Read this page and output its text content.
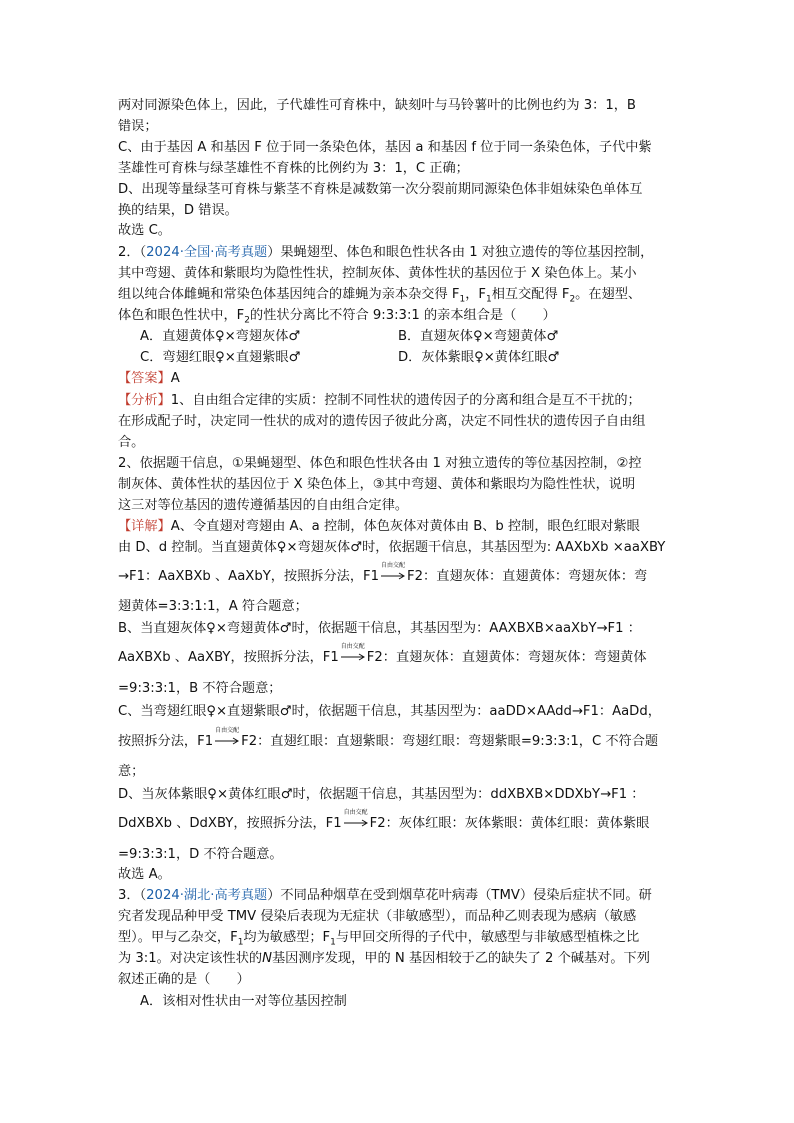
两对同源染色体上，因此，子代雄性可育株中，缺刻叶与马铃薯叶的比例也约为 3：1，B
错误；
C、由于基因 A 和基因 F 位于同一条染色体，基因 a 和基因 f 位于同一条染色体，子代中紫
茎雄性可育株与绿茎雄性不育株的比例约为 3：1，C 正确；
D、出现等量绿茎可育株与紫茎不育株是减数第一次分裂前期同源染色体非姐妹染色单体互
换的结果，D 错误。
故选 C。
2．（2024·全国·高考真题）果蝇翅型、体色和眼色性状各由 1 对独立遗传的等位基因控制，
其中弯翅、黄体和紫眼均为隐性性状，控制灰体、黄体性状的基因位于 X 染色体上。某小
组以纯合体雌蝇和常染色体基因纯合的雄蝇为亲本杂交得 $F_1$，$F_1$相互交配得 $F_2$。在翅型、
体色和眼色性状中，$F_2$的性状分离比不符合 9:3:3:1 的亲本组合是（　　）
A．直翅黄体♀×弯翅灰体♂	B．直翅灰体♀×弯翅黄体♂
C．弯翅红眼♀×直翅紫眼♂	D．灰体紫眼♀×黄体红眼♂
【答案】A
【分析】1、自由组合定律的实质：控制不同性状的遗传因子的分离和组合是互不干扰的；
在形成配子时，决定同一性状的成对的遗传因子彼此分离，决定不同性状的遗传因子自由组
合。
2、依据题干信息，①果蝇翅型、体色和眼色性状各由 1 对独立遗传的等位基因控制，②控
制灰体、黄体性状的基因位于 X 染色体上，③其中弯翅、黄体和紫眼均为隐性性状，说明
这三对等位基因的遗传遵循基因的自由组合定律。
【详解】A、令直翅对弯翅由 A、a 控制，体色灰体对黄体由 B、b 控制，眼色红眼对紫眼
由 D、d 控制。当直翅黄体♀×弯翅灰体♂时，依据题干信息，其基因型为: AAXbXb ×aaXBY
→F1：AaXBXb 、AaXbY，按照拆分法，F1
自由交配
F2：直翅灰体：直翅黄体：弯翅灰体：弯
翅黄体=3:3:1:1，A 符合题意；
B、当直翅灰体♀×弯翅黄体♂时，依据题干信息，其基因型为：AAXBXB×aaXbY→F1 ：
AaXBXb 、AaXBY，按照拆分法，F1
自由交配
F2：直翅灰体：直翅黄体：弯翅灰体：弯翅黄体
=9:3:3:1，B 不符合题意；
C、当弯翅红眼♀×直翅紫眼♂时，依据题干信息，其基因型为：aaDD×AAdd→F1：AaDd，
按照拆分法，F1
自由交配
F2：直翅红眼：直翅紫眼：弯翅红眼：弯翅紫眼=9:3:3:1，C 不符合题
意；
D、当灰体紫眼♀×黄体红眼♂时，依据题干信息，其基因型为：ddXBXB×DDXbY→F1 ：
DdXBXb 、DdXBY，按照拆分法，F1
自由交配
F2：灰体红眼：灰体紫眼：黄体红眼：黄体紫眼
=9:3:3:1，D 不符合题意。
故选 A。
3．（2024·湖北·高考真题）不同品种烟草在受到烟草花叶病毒（TMV）侵染后症状不同。研
究者发现品种甲受 TMV 侵染后表现为无症状（非敏感型），而品种乙则表现为感病（敏感
型）。甲与乙杂交，$F_1$均为敏感型；$F_1$与甲回交所得的子代中，敏感型与非敏感型植株之比
为 3:1。对决定该性状的N基因测序发现，甲的 N 基因相较于乙的缺失了 2 个碱基对。下列
叙述正确的是（　　）
A．该相对性状由一对等位基因控制
